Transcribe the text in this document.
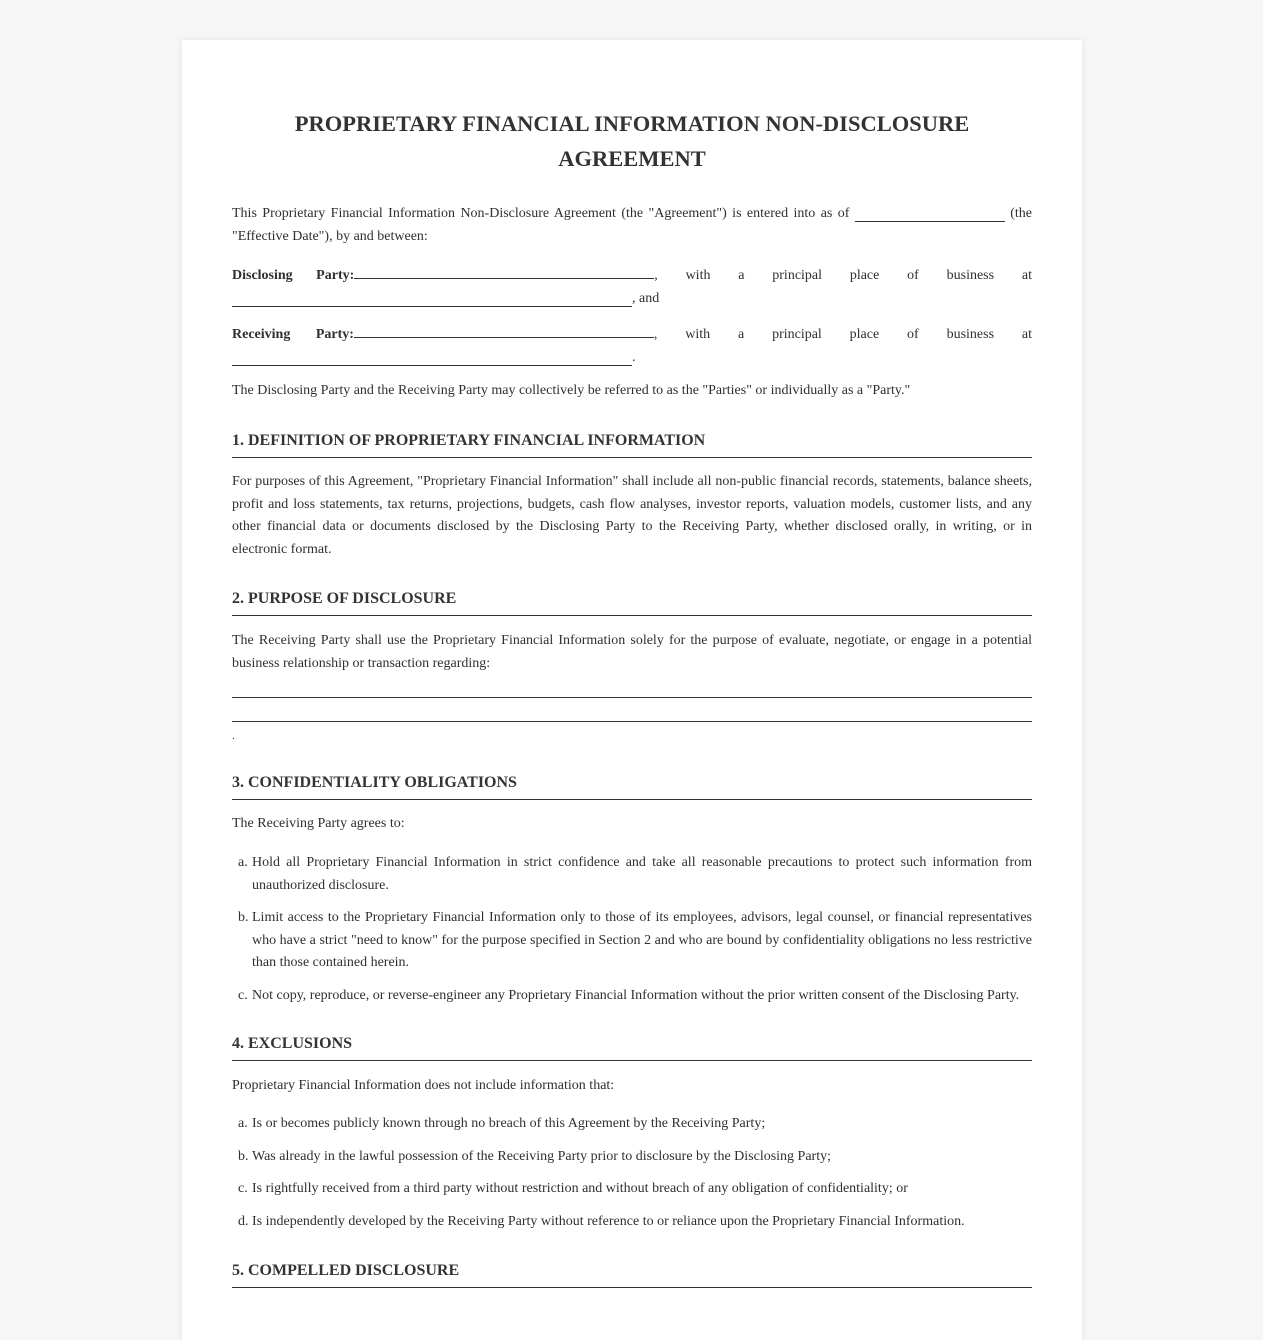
PROPRIETARY FINANCIAL INFORMATION NON-DISCLOSURE AGREEMENT

This Proprietary Financial Information Non-Disclosure Agreement (the "Agreement") is entered into as of	(the "Effective Date"), by and between:

Disclosing Party:	, with a principal place of business at
, and

Receiving Party:	, with a principal place of business at
.

The Disclosing Party and the Receiving Party may collectively be referred to as the "Parties" or individually as a "Party."

1. DEFINITION OF PROPRIETARY FINANCIAL INFORMATION

For purposes of this Agreement, "Proprietary Financial Information" shall include all non-public financial records, statements, balance sheets, profit and loss statements, tax returns, projections, budgets, cash flow analyses, investor reports, valuation models, customer lists, and any other financial data or documents disclosed by the Disclosing Party to the Receiving Party, whether disclosed orally, in writing, or in electronic format.

2. PURPOSE OF DISCLOSURE

The Receiving Party shall use the Proprietary Financial Information solely for the purpose of evaluate, negotiate, or engage in a potential business relationship or transaction regarding:

.
3. CONFIDENTIALITY OBLIGATIONS

The Receiving Party agrees to:

a. Hold all Proprietary Financial Information in strict confidence and take all reasonable precautions to protect such information from unauthorized disclosure.
b. Limit access to the Proprietary Financial Information only to those of its employees, advisors, legal counsel, or financial representatives who have a strict "need to know" for the purpose specified in Section 2 and who are bound by confidentiality obligations no less restrictive than those contained herein.
c. Not copy, reproduce, or reverse-engineer any Proprietary Financial Information without the prior written consent of the Disclosing Party.
4. EXCLUSIONS

Proprietary Financial Information does not include information that:

a. Is or becomes publicly known through no breach of this Agreement by the Receiving Party;
b. Was already in the lawful possession of the Receiving Party prior to disclosure by the Disclosing Party;
c. Is rightfully received from a third party without restriction and without breach of any obligation of confidentiality; or
d. Is independently developed by the Receiving Party without reference to or reliance upon the Proprietary Financial Information.
5. COMPELLED DISCLOSURE
